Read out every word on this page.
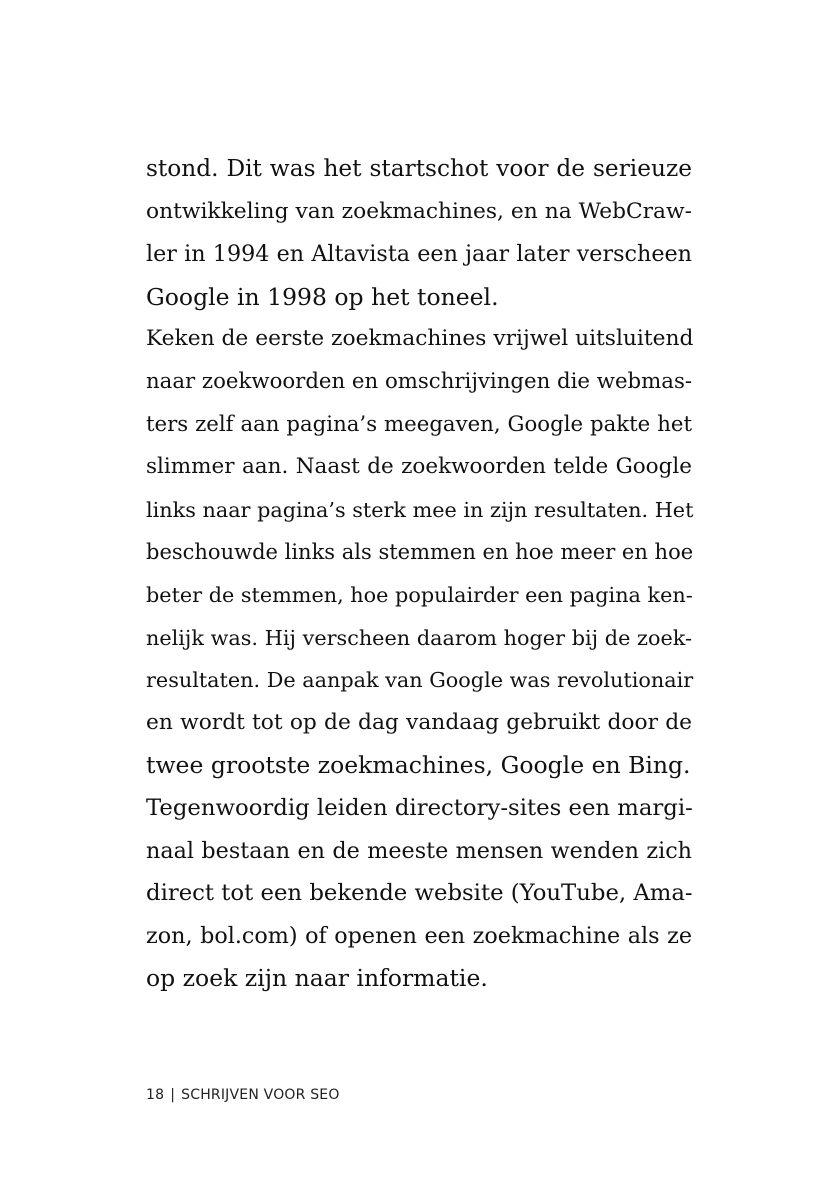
stond. Dit was het startschot voor de serieuze
ontwikkeling van zoekmachines, en na WebCraw-
ler in 1994 en Altavista een jaar later verscheen
Google in 1998 op het toneel.
Keken de eerste zoekmachines vrijwel uitsluitend
naar zoekwoorden en omschrijvingen die webmas-
ters zelf aan pagina’s meegaven, Google pakte het
slimmer aan. Naast de zoekwoorden telde Google
links naar pagina’s sterk mee in zijn resultaten. Het
beschouwde links als stemmen en hoe meer en hoe
beter de stemmen, hoe populairder een pagina ken-
nelijk was. Hij verscheen daarom hoger bij de zoek-
resultaten. De aanpak van Google was revolutionair
en wordt tot op de dag vandaag gebruikt door de
twee grootste zoekmachines, Google en Bing.
Tegenwoordig leiden directory-sites een margi-
naal bestaan en de meeste mensen wenden zich
direct tot een bekende website (YouTube, Ama-
zon, bol.com) of openen een zoekmachine als ze
op zoek zijn naar informatie.
18 | SCHRIJVEN VOOR SEO
